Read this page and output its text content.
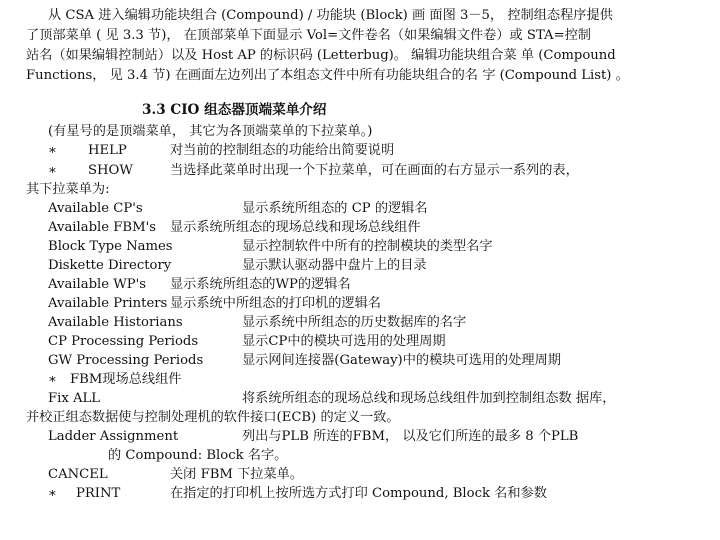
从 CSA 进入编辑功能块组合 (Compound) / 功能块 (Block) 画 面图 3－5， 控制组态程序提供
了顶部菜单 ( 见 3.3 节)， 在顶部菜单下面显示 Vol=文件卷名（如果编辑文件卷）或 STA=控制
站名（如果编辑控制站）以及 Host AP 的标识码 (Letterbug)。 编辑功能块组合菜 单 (Compound
Functions， 见 3.4 节) 在画面左边列出了本组态文件中所有功能块组合的名 字 (Compound List) 。
3.3 CIO 组态器顶端菜单介绍
(有星号的是顶端菜单， 其它为各顶端菜单的下拉菜单。)
∗ HELP	对当前的控制组态的功能给出简要说明
∗ SHOW	当选择此菜单时出现一个下拉菜单，可在画面的右方显示一系列的表，
其下拉菜单为:
Available CP's	显示系统所组态的 CP 的逻辑名
Available FBM's 显示系统所组态的现场总线和现场总线组件
Block Type Names	显示控制软件中所有的控制模块的类型名字
Diskette Directory	显示默认驱动器中盘片上的目录
Available WP's 显示系统所组态的WP的逻辑名
Available Printers 显示系统中所组态的打印机的逻辑名
Available Historians	显示系统中所组态的历史数据库的名字
CP Processing Periods	显示CP中的模块可选用的处理周期
GW Processing Periods	显示网间连接器(Gateway)中的模块可选用的处理周期
∗ FBM现场总线组件
Fix ALL	将系统所组态的现场总线和现场总线组件加到控制组态数 据库，
并校正组态数据使与控制处理机的软件接口(ECB) 的定义一致。
Ladder Assignment	列出与PLB 所连的FBM， 以及它们所连的最多 8 个PLB
的 Compound: Block 名字。
CANCEL	关闭 FBM 下拉菜单。
∗ PRINT	在指定的打印机上按所选方式打印 Compound, Block 名和参数
